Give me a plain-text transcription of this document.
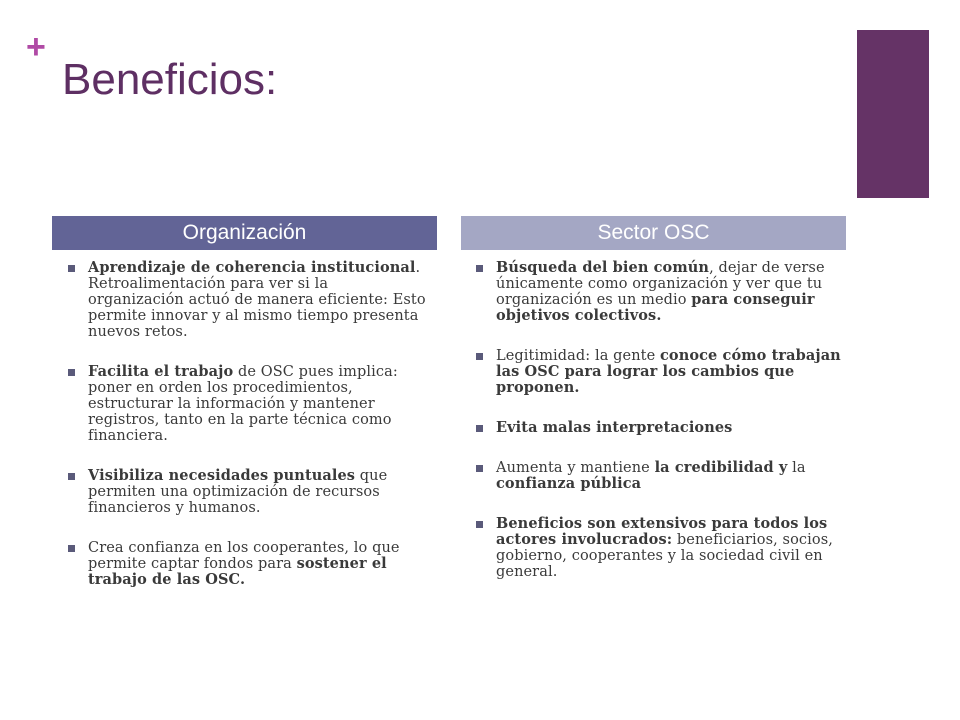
+
Beneficios:
Organización	Sector OSC
Aprendizaje de coherencia institucional. Retroalimentación para ver si la organización actuó de manera eficiente: Esto permite innovar y al mismo tiempo presenta nuevos retos.
Facilita el trabajo de OSC pues implica: poner en orden los procedimientos, estructurar la información y mantener registros, tanto en la parte técnica como financiera.
Visibiliza necesidades puntuales que permiten una optimización de recursos financieros y humanos.
Crea confianza en los cooperantes, lo que permite captar fondos para sostener el trabajo de las OSC.
Búsqueda del bien común, dejar de verse únicamente como organización y ver que tu organización es un medio para conseguir objetivos colectivos.
Legitimidad: la gente conoce cómo trabajan las OSC para lograr los cambios que proponen.
Evita malas interpretaciones
Aumenta y mantiene la credibilidad y la confianza pública
Beneficios son extensivos para todos los actores involucrados: beneficiarios, socios, gobierno, cooperantes y la sociedad civil en general.
